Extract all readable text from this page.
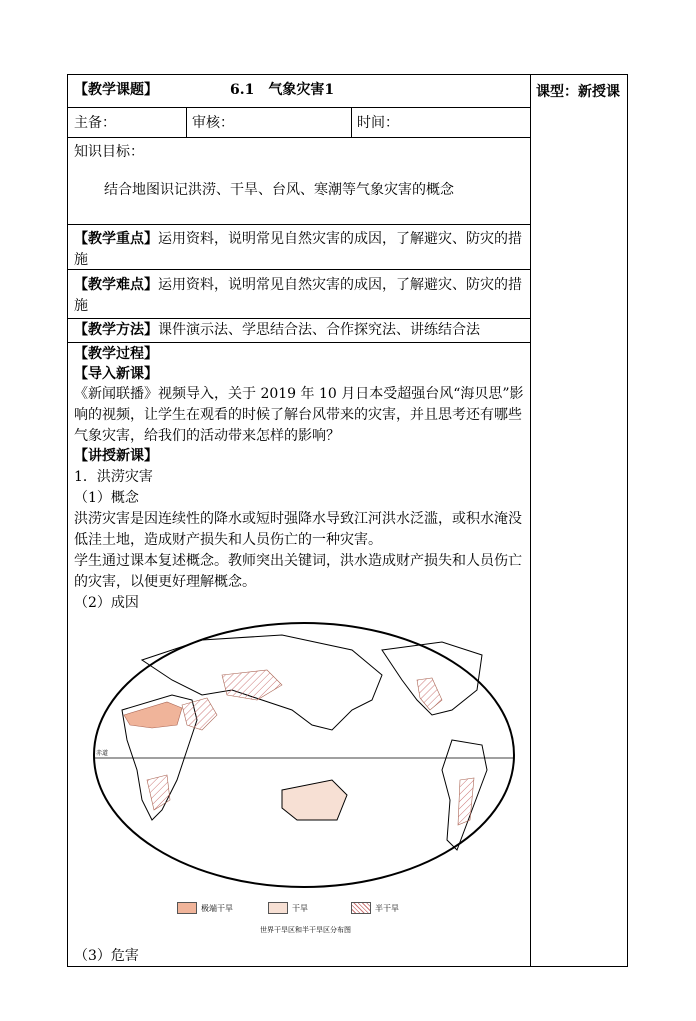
【教学课题】	6.1　气象灾害1	课型：新授课
主备：	审核：	时间：
知识目标：
结合地图识记洪涝、干旱、台风、寒潮等气象灾害的概念
【教学重点】运用资料，说明常见自然灾害的成因，了解避灾、防灾的措
施
【教学难点】运用资料，说明常见自然灾害的成因，了解避灾、防灾的措
施
【教学方法】课件演示法、学思结合法、合作探究法、讲练结合法
【教学过程】
【导入新课】
《新闻联播》视频导入，关于 2019 年 10 月日本受超强台风“海贝思”影
响的视频，让学生在观看的时候了解台风带来的灾害，并且思考还有哪些
气象灾害，给我们的活动带来怎样的影响？
【讲授新课】
1．洪涝灾害
（1）概念
洪涝灾害是因连续性的降水或短时强降水导致江河洪水泛滥，或积水淹没
低洼土地，造成财产损失和人员伤亡的一种灾害。
学生通过课本复述概念。教师突出关键词，洪水造成财产损失和人员伤亡
的灾害，以便更好理解概念。
（2）成因
赤道
极端干旱	干旱	半干旱
世界干旱区和半干旱区分布图
（3）危害
